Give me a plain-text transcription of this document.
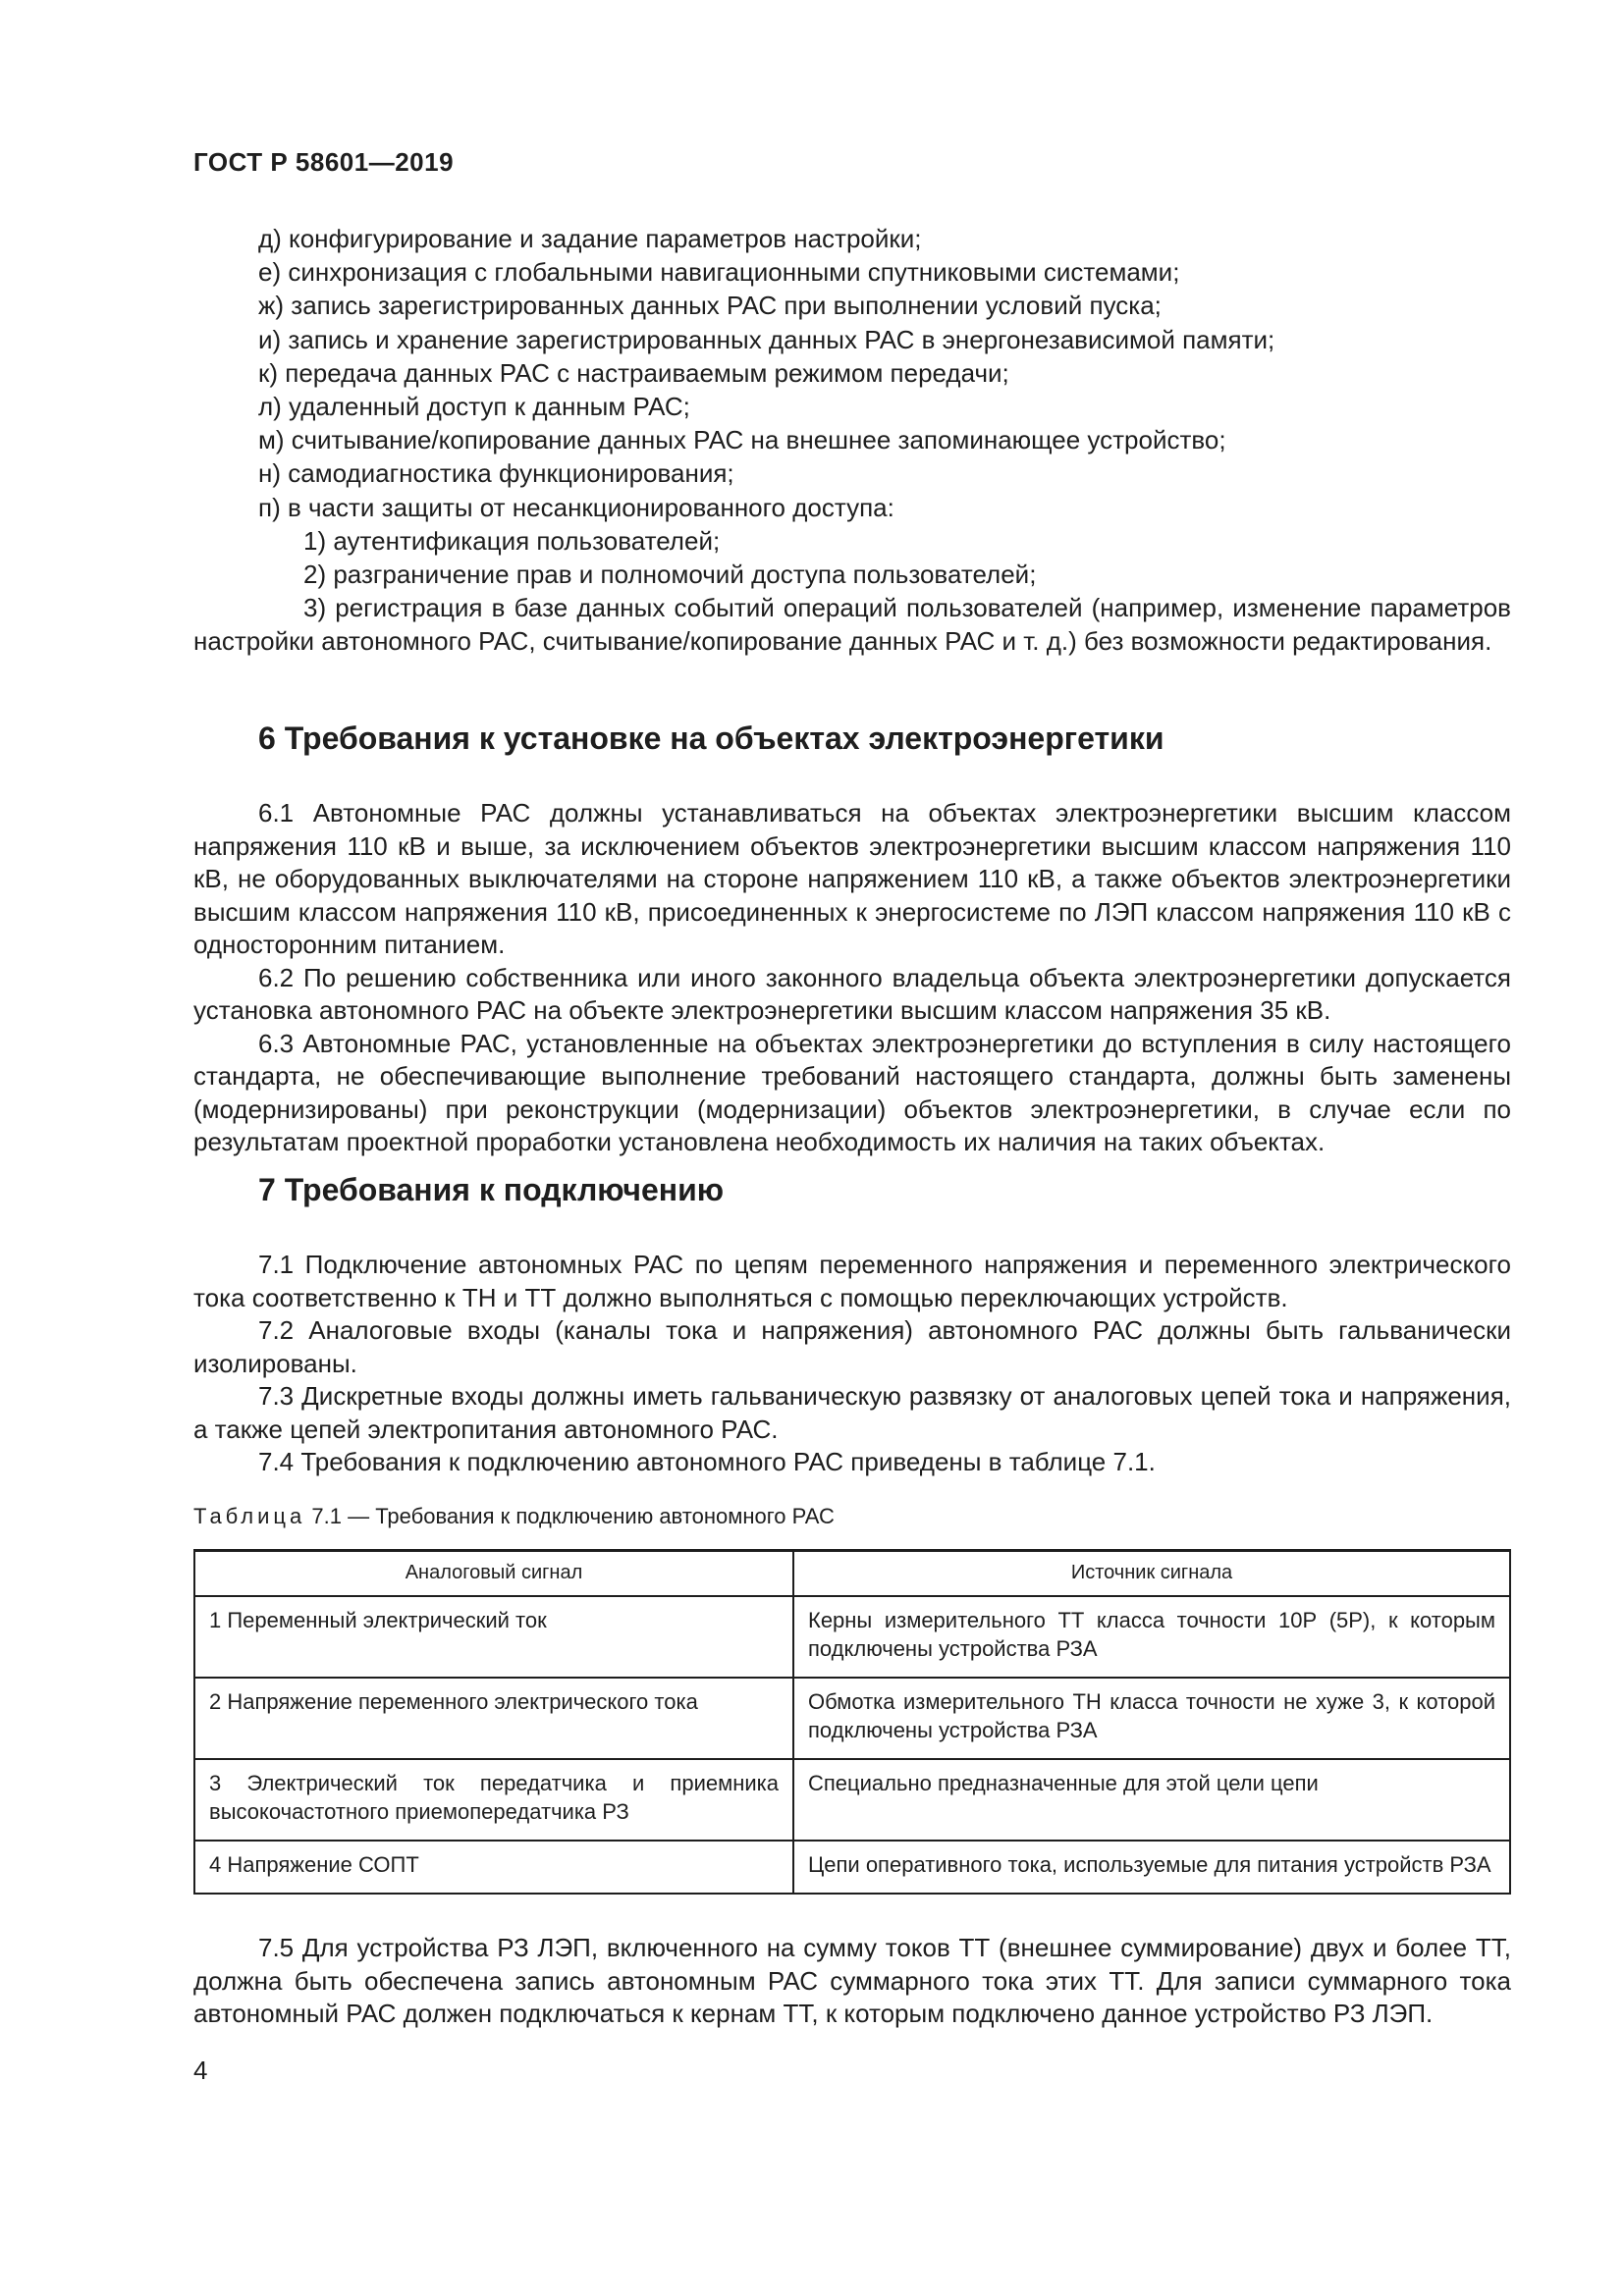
ГОСТ Р 58601—2019
д) конфигурирование и задание параметров настройки;
е) синхронизация с глобальными навигационными спутниковыми системами;
ж) запись зарегистрированных данных РАС при выполнении условий пуска;
и) запись и хранение зарегистрированных данных РАС в энергонезависимой памяти;
к) передача данных РАС с настраиваемым режимом передачи;
л) удаленный доступ к данным РАС;
м) считывание/копирование данных РАС на внешнее запоминающее устройство;
н) самодиагностика функционирования;
п) в части защиты от несанкционированного доступа:
1) аутентификация пользователей;
2) разграничение прав и полномочий доступа пользователей;
3) регистрация в базе данных событий операций пользователей (например, изменение параметров настройки автономного РАС, считывание/копирование данных РАС и т. д.) без возможности редактирования.
6 Требования к установке на объектах электроэнергетики

6.1 Автономные РАС должны устанавливаться на объектах электроэнергетики высшим классом напряжения 110 кВ и выше, за исключением объектов электроэнергетики высшим классом напряжения 110 кВ, не оборудованных выключателями на стороне напряжением 110 кВ, а также объектов электроэнергетики высшим классом напряжения 110 кВ, присоединенных к энергосистеме по ЛЭП классом напряжения 110 кВ с односторонним питанием.

6.2 По решению собственника или иного законного владельца объекта электроэнергетики допускается установка автономного РАС на объекте электроэнергетики высшим классом напряжения 35 кВ.

6.3 Автономные РАС, установленные на объектах электроэнергетики до вступления в силу настоящего стандарта, не обеспечивающие выполнение требований настоящего стандарта, должны быть заменены (модернизированы) при реконструкции (модернизации) объектов электроэнергетики, в случае если по результатам проектной проработки установлена необходимость их наличия на таких объектах.

7 Требования к подключению

7.1 Подключение автономных РАС по цепям переменного напряжения и переменного электрического тока соответственно к ТН и ТТ должно выполняться с помощью переключающих устройств.

7.2 Аналоговые входы (каналы тока и напряжения) автономного РАС должны быть гальванически изолированы.

7.3 Дискретные входы должны иметь гальваническую развязку от аналоговых цепей тока и напряжения, а также цепей электропитания автономного РАС.

7.4 Требования к подключению автономного РАС приведены в таблице 7.1.

Таблица 7.1 — Требования к подключению автономного РАС
Аналоговый сигнал	Источник сигнала
1 Переменный электрический ток	Керны измерительного ТТ класса точности 10Р (5Р), к которым подключены устройства РЗА
2 Напряжение переменного электрического тока	Обмотка измерительного ТН класса точности не хуже 3, к которой подключены устройства РЗА
3 Электрический ток передатчика и приемника высокочастотного приемопередатчика РЗ	Специально предназначенные для этой цели цепи
4 Напряжение СОПТ	Цепи оперативного тока, используемые для питания устройств РЗА

7.5 Для устройства РЗ ЛЭП, включенного на сумму токов ТТ (внешнее суммирование) двух и более ТТ, должна быть обеспечена запись автономным РАС суммарного тока этих ТТ. Для записи суммарного тока автономный РАС должен подключаться к кернам ТТ, к которым подключено данное устройство РЗ ЛЭП.

4
